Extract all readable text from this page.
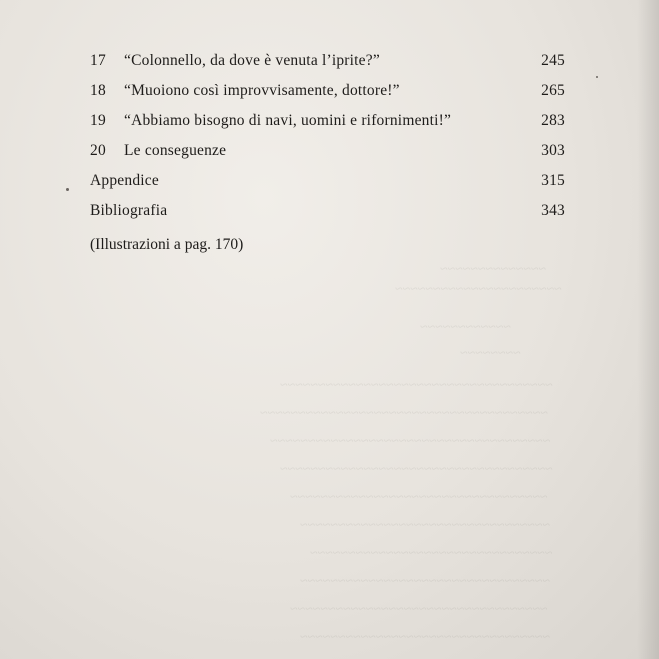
~~~~~~~~~~~~~~
~~~~~~~~~~~~~~~~~~~~~~
~~~~~~~~~~~~
~~~~~~~~
~~~~~~~~~~~~~~~~~~~~~~~~~~~~~~~~~~~~
~~~~~~~~~~~~~~~~~~~~~~~~~~~~~~~~~~~~~~
~~~~~~~~~~~~~~~~~~~~~~~~~~~~~~~~~~~~~
~~~~~~~~~~~~~~~~~~~~~~~~~~~~~~~~~~~~
~~~~~~~~~~~~~~~~~~~~~~~~~~~~~~~~~~
~~~~~~~~~~~~~~~~~~~~~~~~~~~~~~~~~
~~~~~~~~~~~~~~~~~~~~~~~~~~~~~~~~
~~~~~~~~~~~~~~~~~~~~~~~~~~~~~~~~~
~~~~~~~~~~~~~~~~~~~~~~~~~~~~~~~~~~
~~~~~~~~~~~~~~~~~~~~~~~~~~~~~~~~~
17	“Colonnello, da dove è venuta l’iprite?”	245
18	“Muoiono così improvvisamente, dottore!”	265
19	“Abbiamo bisogno di navi, uomini e rifornimenti!”	283
20	Le conseguenze	303
Appendice	315
Bibliografia	343
(Illustrazioni a pag. 170)
